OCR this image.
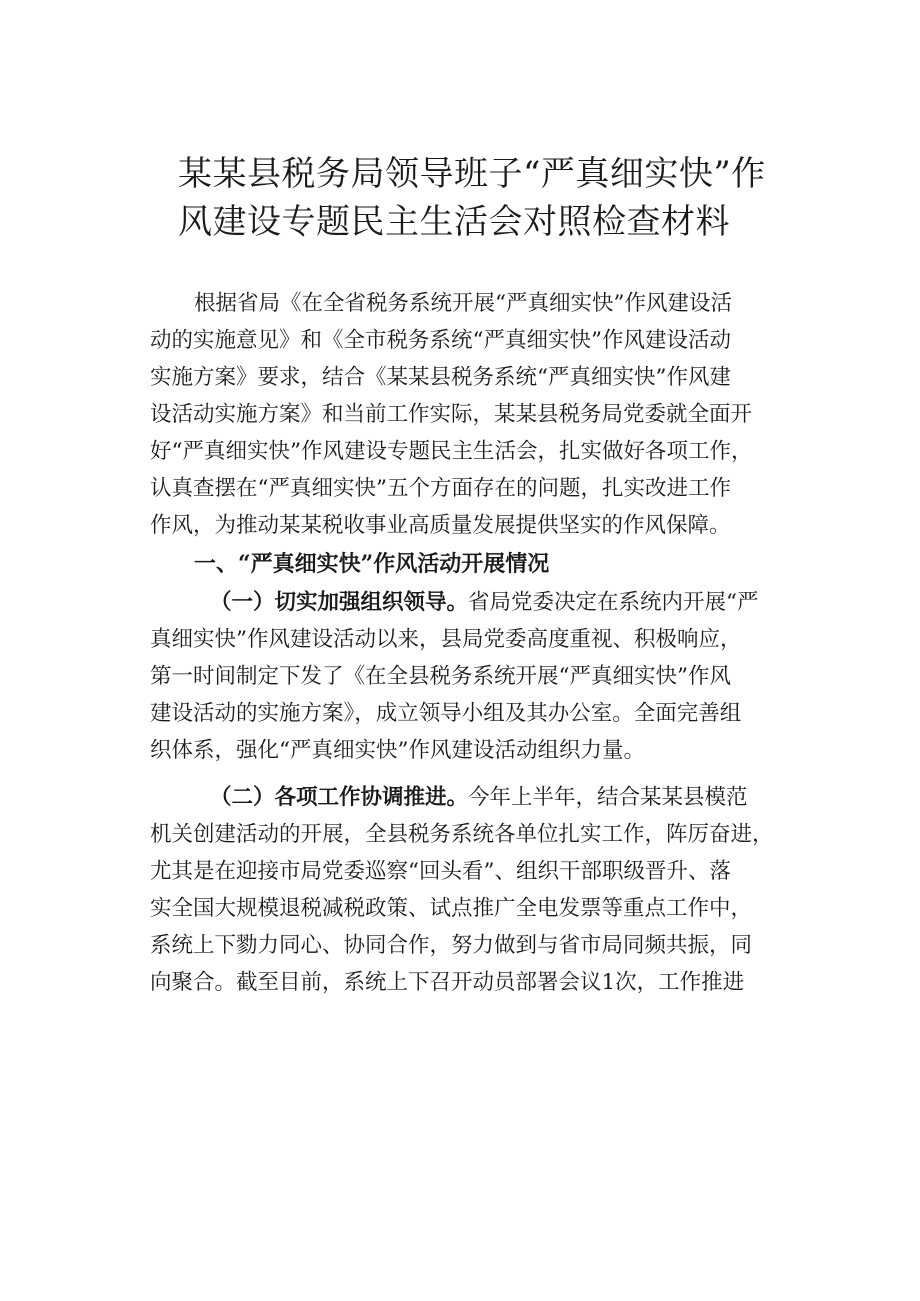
某某县税务局领导班子“严真细实快”作
风建设专题民主生活会对照检查材料
根据省局《在全省税务系统开展“严真细实快”作风建设活
动的实施意见》和《全市税务系统“严真细实快”作风建设活动
实施方案》要求，结合《某某县税务系统“严真细实快”作风建
设活动实施方案》和当前工作实际，某某县税务局党委就全面开
好“严真细实快”作风建设专题民主生活会，扎实做好各项工作，
认真查摆在“严真细实快”五个方面存在的问题，扎实改进工作
作风，为推动某某税收事业高质量发展提供坚实的作风保障。
一、“严真细实快”作风活动开展情况
（一）切实加强组织领导。省局党委决定在系统内开展“严
真细实快”作风建设活动以来，县局党委高度重视、积极响应，
第一时间制定下发了《在全县税务系统开展“严真细实快”作风
建设活动的实施方案》，成立领导小组及其办公室。全面完善组
织体系，强化“严真细实快”作风建设活动组织力量。
（二）各项工作协调推进。今年上半年，结合某某县模范
机关创建活动的开展，全县税务系统各单位扎实工作，阵厉奋进，
尤其是在迎接市局党委巡察“回头看”、组织干部职级晋升、落
实全国大规模退税减税政策、试点推广全电发票等重点工作中，
系统上下勠力同心、协同合作，努力做到与省市局同频共振，同
向聚合。截至目前，系统上下召开动员部署会议1次，工作推进
